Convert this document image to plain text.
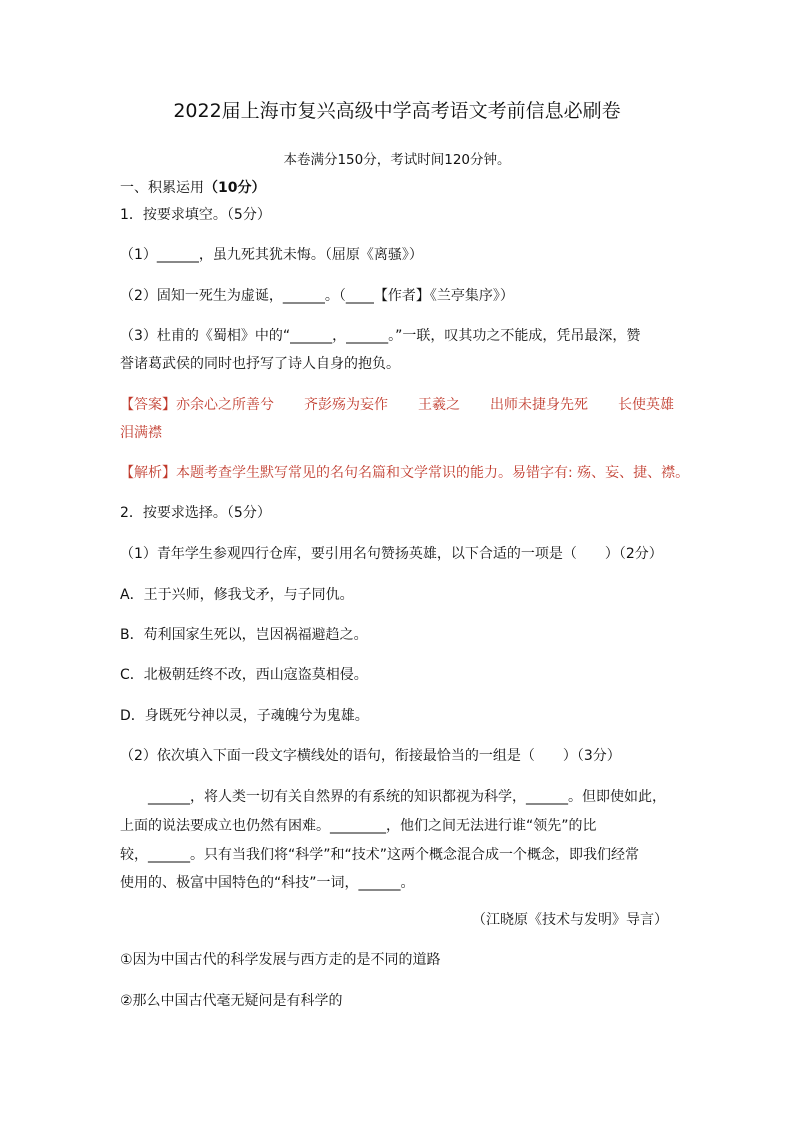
2022届上海市复兴高级中学高考语文考前信息必刷卷
本卷满分150分，考试时间120分钟。
一、积累运用（10分）
1．按要求填空。（5分）
（1）______，虽九死其犹未悔。（屈原《离骚》）
（2）固知一死生为虚诞，______。（____【作者】《兰亭集序》）
（3）杜甫的《蜀相》中的“______，______。”一联，叹其功之不能成，凭吊最深，赞
誉诸葛武侯的同时也抒写了诗人自身的抱负。
【答案】亦余心之所善兮 齐彭殇为妄作 王羲之 出师未捷身先死 长使英雄
泪满襟
【解析】本题考查学生默写常见的名句名篇和文学常识的能力。易错字有: 殇、妄、捷、襟。
2．按要求选择。（5分）
（1）青年学生参观四行仓库，要引用名句赞扬英雄，以下合适的一项是（　　）（2分）
A．王于兴师，修我戈矛，与子同仇。
B．苟利国家生死以，岂因祸福避趋之。
C．北极朝廷终不改，西山寇盗莫相侵。
D．身既死兮神以灵，子魂魄兮为鬼雄。
（2）依次填入下面一段文字横线处的语句，衔接最恰当的一组是（　　）（3分）
　　______，将人类一切有关自然界的有系统的知识都视为科学，______。但即使如此，
上面的说法要成立也仍然有困难。________，他们之间无法进行谁“领先”的比
较，______。只有当我们将“科学”和“技术”这两个概念混合成一个概念，即我们经常
使用的、极富中国特色的“科技”一词，______。
（江晓原《技术与发明》导言）
①因为中国古代的科学发展与西方走的是不同的道路
②那么中国古代毫无疑问是有科学的
